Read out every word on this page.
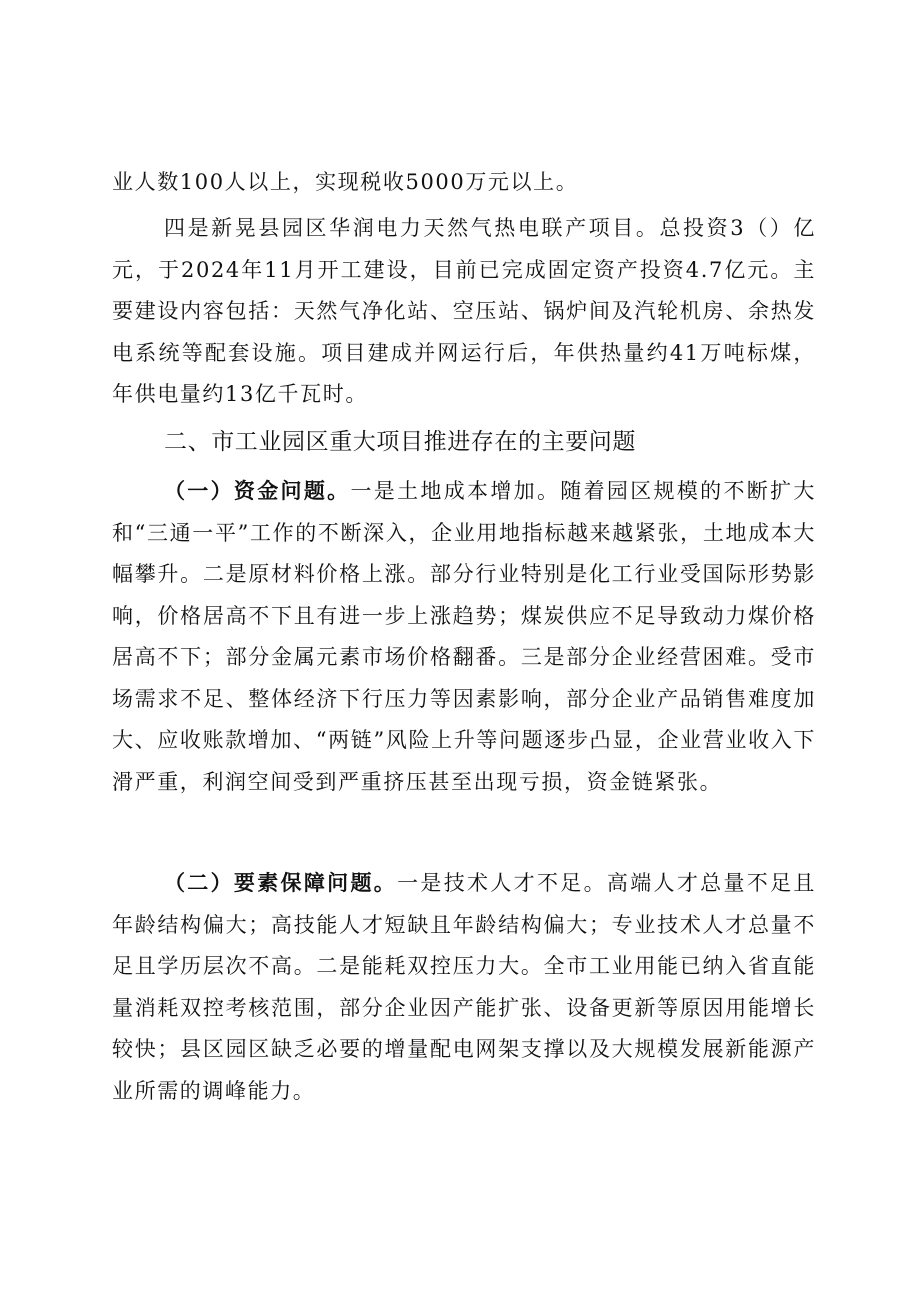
业人数100人以上，实现税收5000万元以上。

四是新晃县园区华润电力天然气热电联产项目。总投资3（）亿元，于2024年11月开工建设，目前已完成固定资产投资4.7亿元。主要建设内容包括：天然气净化站、空压站、锅炉间及汽轮机房、余热发电系统等配套设施。项目建成并网运行后，年供热量约41万吨标煤，年供电量约13亿千瓦时。

二、市工业园区重大项目推进存在的主要问题

（一）资金问题。一是土地成本增加。随着园区规模的不断扩大和“三通一平”工作的不断深入，企业用地指标越来越紧张，土地成本大幅攀升。二是原材料价格上涨。部分行业特别是化工行业受国际形势影响，价格居高不下且有进一步上涨趋势；煤炭供应不足导致动力煤价格居高不下；部分金属元素市场价格翻番。三是部分企业经营困难。受市场需求不足、整体经济下行压力等因素影响，部分企业产品销售难度加大、应收账款增加、“两链”风险上升等问题逐步凸显，企业营业收入下滑严重，利润空间受到严重挤压甚至出现亏损，资金链紧张。

（二）要素保障问题。一是技术人才不足。高端人才总量不足且年龄结构偏大；高技能人才短缺且年龄结构偏大；专业技术人才总量不足且学历层次不高。二是能耗双控压力大。全市工业用能已纳入省直能量消耗双控考核范围，部分企业因产能扩张、设备更新等原因用能增长较快；县区园区缺乏必要的增量配电网架支撑以及大规模发展新能源产业所需的调峰能力。
